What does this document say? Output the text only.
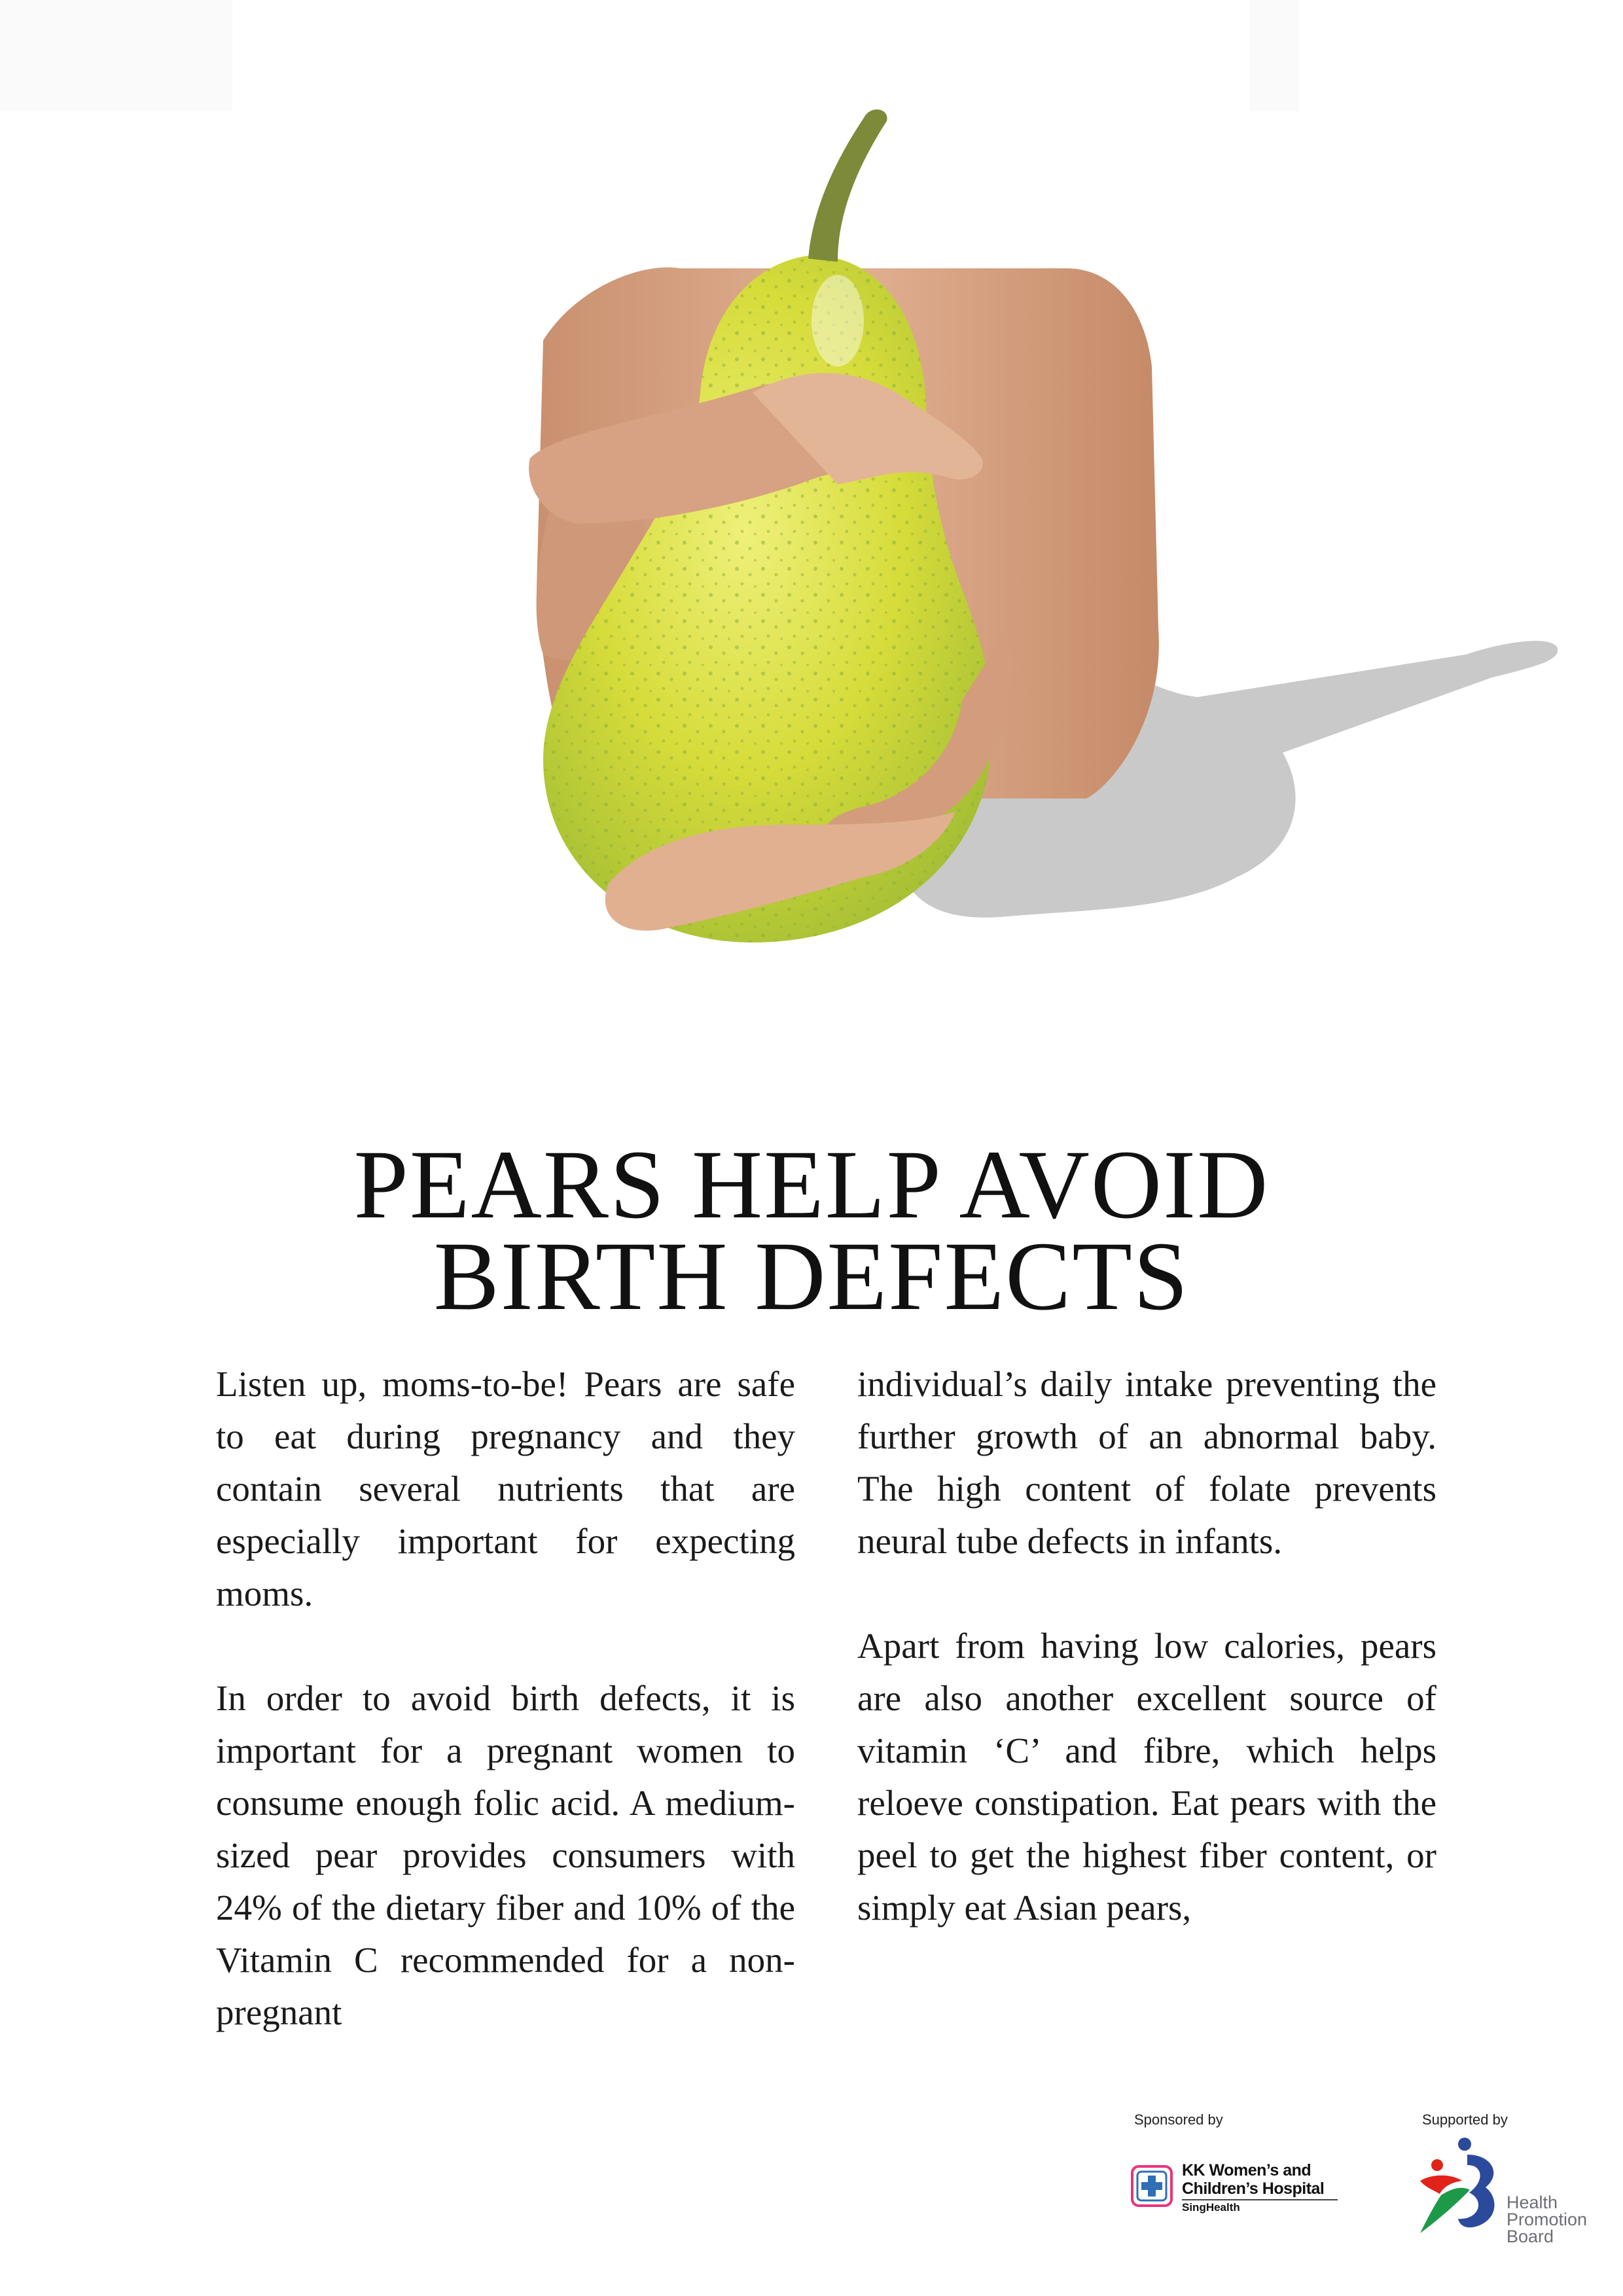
PEARS HELP AVOID
BIRTH DEFECTS

Listen up, moms-to-be! Pears are safe to eat during pregnancy and they contain several nutrients that are especially important for expecting moms.

In order to avoid birth defects, it is important for a pregnant women to consume enough folic acid. A medium-sized pear provides consumers with 24% of the dietary fiber and 10% of the Vitamin C recommended for a non-pregnant

individual’s daily intake preventing the further growth of an abnormal baby. The high content of folate prevents neural tube defects in infants.

Apart from having low calories, pears are also another excellent source of vitamin ‘C’ and fibre, which helps reloeve constipation. Eat pears with the peel to get the highest fiber content, or simply eat Asian pears,

Sponsored by	Supported by
KK Women’s and
Children’s Hospital
SingHealth	Health
Promotion
Board
